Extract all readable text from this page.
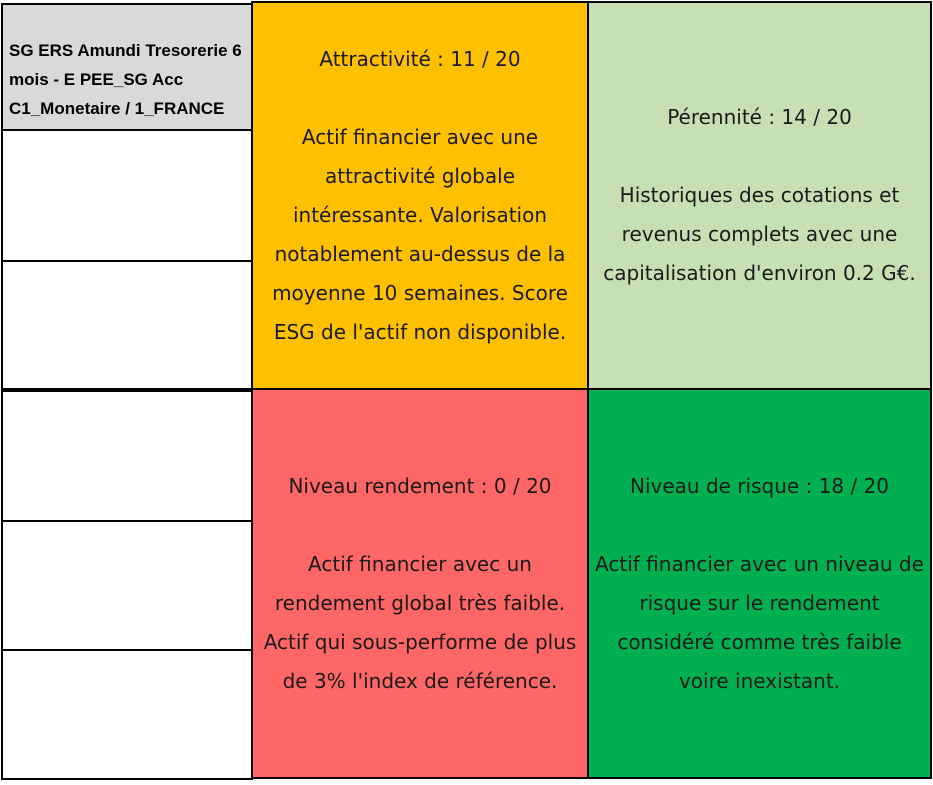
SG ERS Amundi Tresorerie 6
mois - E PEE_SG Acc
C1_Monetaire / 1_FRANCE

Attractivité : 11 / 20
Actif financier avec une
attractivité globale
intéressante. Valorisation
notablement au-dessus de la
moyenne 10 semaines. Score
ESG de l'actif non disponible.
Pérennité : 14 / 20
Historiques des cotations et
revenus complets avec une
capitalisation d'environ 0.2 G€.
Niveau rendement : 0 / 20
Actif financier avec un
rendement global très faible.
Actif qui sous-performe de plus
de 3% l'index de référence.
Niveau de risque : 18 / 20
Actif financier avec un niveau de
risque sur le rendement
considéré comme très faible
voire inexistant.
